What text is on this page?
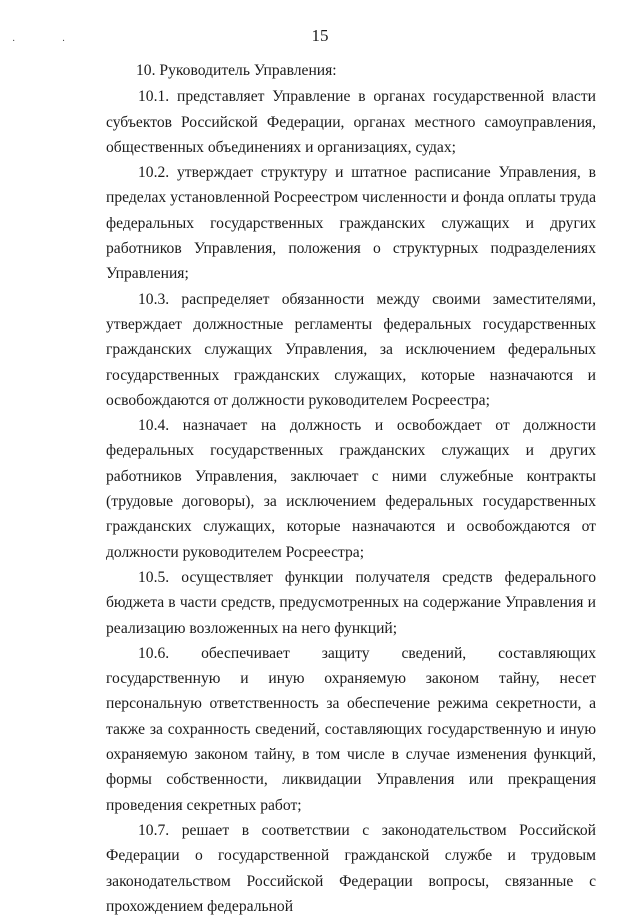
· ·	15

10. Руководитель Управления:

10.1. представляет Управление в органах государственной власти субъектов Российской Федерации, органах местного самоуправления, общественных объединениях и организациях, судах;

10.2. утверждает структуру и штатное расписание Управления, в пределах установленной Росреестром численности и фонда оплаты труда федеральных государственных гражданских служащих и других работников Управления, положения о структурных подразделениях Управления;

10.3. распределяет обязанности между своими заместителями, утверждает должностные регламенты федеральных государственных гражданских служащих Управления, за исключением федеральных государственных гражданских служащих, которые назначаются и освобождаются от должности руководителем Росреестра;

10.4. назначает на должность и освобождает от должности федеральных государственных гражданских служащих и других работников Управления, заключает с ними служебные контракты (трудовые договоры), за исключением федеральных государственных гражданских служащих, которые назначаются и освобождаются от должности руководителем Росреестра;

10.5. осуществляет функции получателя средств федерального бюджета в части средств, предусмотренных на содержание Управления и реализацию возложенных на него функций;

10.6. обеспечивает защиту сведений, составляющих государственную и иную охраняемую законом тайну, несет персональную ответственность за обеспечение режима секретности, а также за сохранность сведений, составляющих государственную и иную охраняемую законом тайну, в том числе в случае изменения функций, формы собственности, ликвидации Управления или прекращения проведения секретных работ;

10.7. решает в соответствии с законодательством Российской Федерации о государственной гражданской службе и трудовым законодательством Российской Федерации вопросы, связанные с прохождением федеральной
